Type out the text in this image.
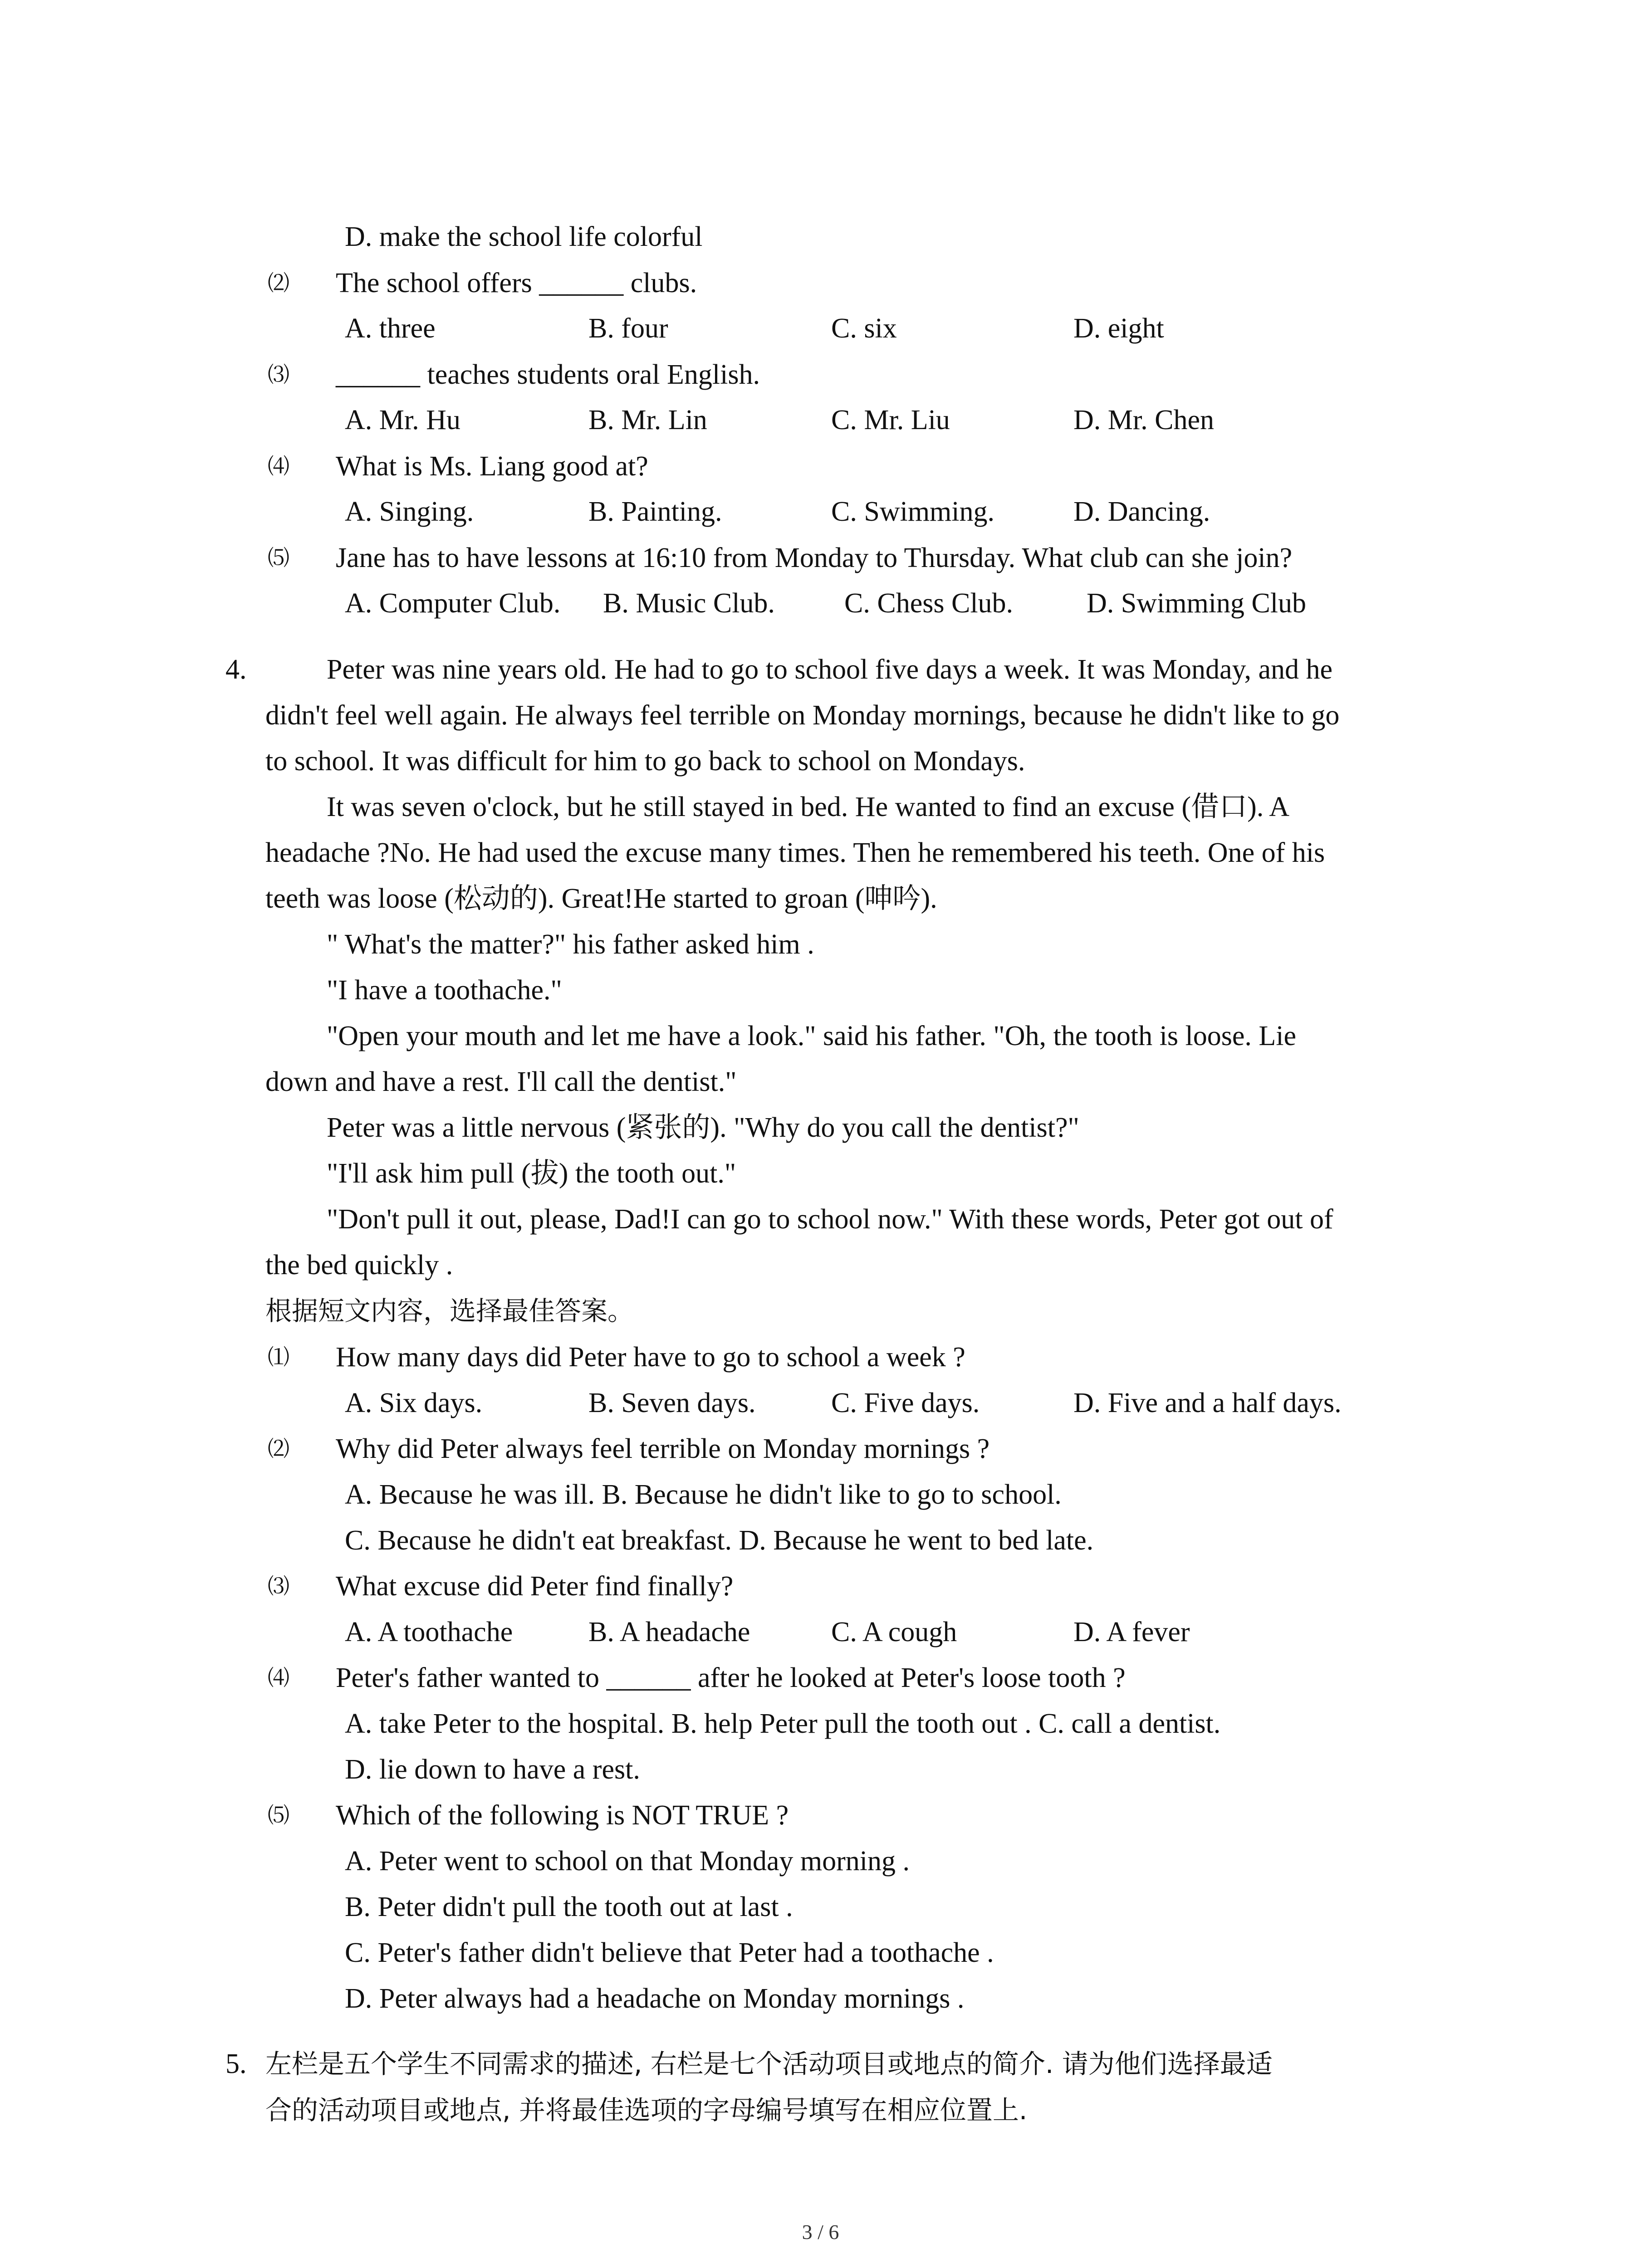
D. make the school life colorful
⑵ The school offers ______ clubs.
A. three	B. four	C. six	D. eight
⑶ ______ teaches students oral English.
A. Mr. Hu	B. Mr. Lin	C. Mr. Liu	D. Mr. Chen
⑷ What is Ms. Liang good at?
A. Singing.	B. Painting.	C. Swimming.	D. Dancing.
⑸ Jane has to have lessons at 16:10 from Monday to Thursday. What club can she join?
A. Computer Club. B. Music Club. C. Chess Club.	D. Swimming Club
4.	Peter was nine years old. He had to go to school five days a week. It was Monday, and he
didn't feel well again. He always feel terrible on Monday mornings, because he didn't like to go
to school. It was difficult for him to go back to school on Mondays.
It was seven o'clock, but he still stayed in bed. He wanted to find an excuse (借口). A
headache ?No. He had used the excuse many times. Then he remembered his teeth. One of his
teeth was loose (松动的). Great!He started to groan (呻吟).
" What's the matter?" his father asked him .
"I have a toothache."
"Open your mouth and let me have a look." said his father. "Oh, the tooth is loose. Lie
down and have a rest. I'll call the dentist."
Peter was a little nervous (紧张的). "Why do you call the dentist?"
"I'll ask him pull (拔) the tooth out."
"Don't pull it out, please, Dad!I can go to school now." With these words, Peter got out of
the bed quickly .
根据短文内容，选择最佳答案。
⑴ How many days did Peter have to go to school a week ?
A. Six days.	B. Seven days.	C. Five days.	D. Five and a half days.
⑵ Why did Peter always feel terrible on Monday mornings ?
A. Because he was ill. B. Because he didn't like to go to school.
C. Because he didn't eat breakfast. D. Because he went to bed late.
⑶ What excuse did Peter find finally?
A. A toothache	B. A headache	C. A cough	D. A fever
⑷ Peter's father wanted to ______ after he looked at Peter's loose tooth ?
A. take Peter to the hospital. B. help Peter pull the tooth out . C. call a dentist.
D. lie down to have a rest.
⑸ Which of the following is NOT TRUE ?
A. Peter went to school on that Monday morning .
B. Peter didn't pull the tooth out at last .
C. Peter's father didn't believe that Peter had a toothache .
D. Peter always had a headache on Monday mornings .
5. 左栏是五个学生不同需求的描述, 右栏是七个活动项目或地点的简介. 请为他们选择最适
合的活动项目或地点, 并将最佳选项的字母编号填写在相应位置上.
3 / 6
